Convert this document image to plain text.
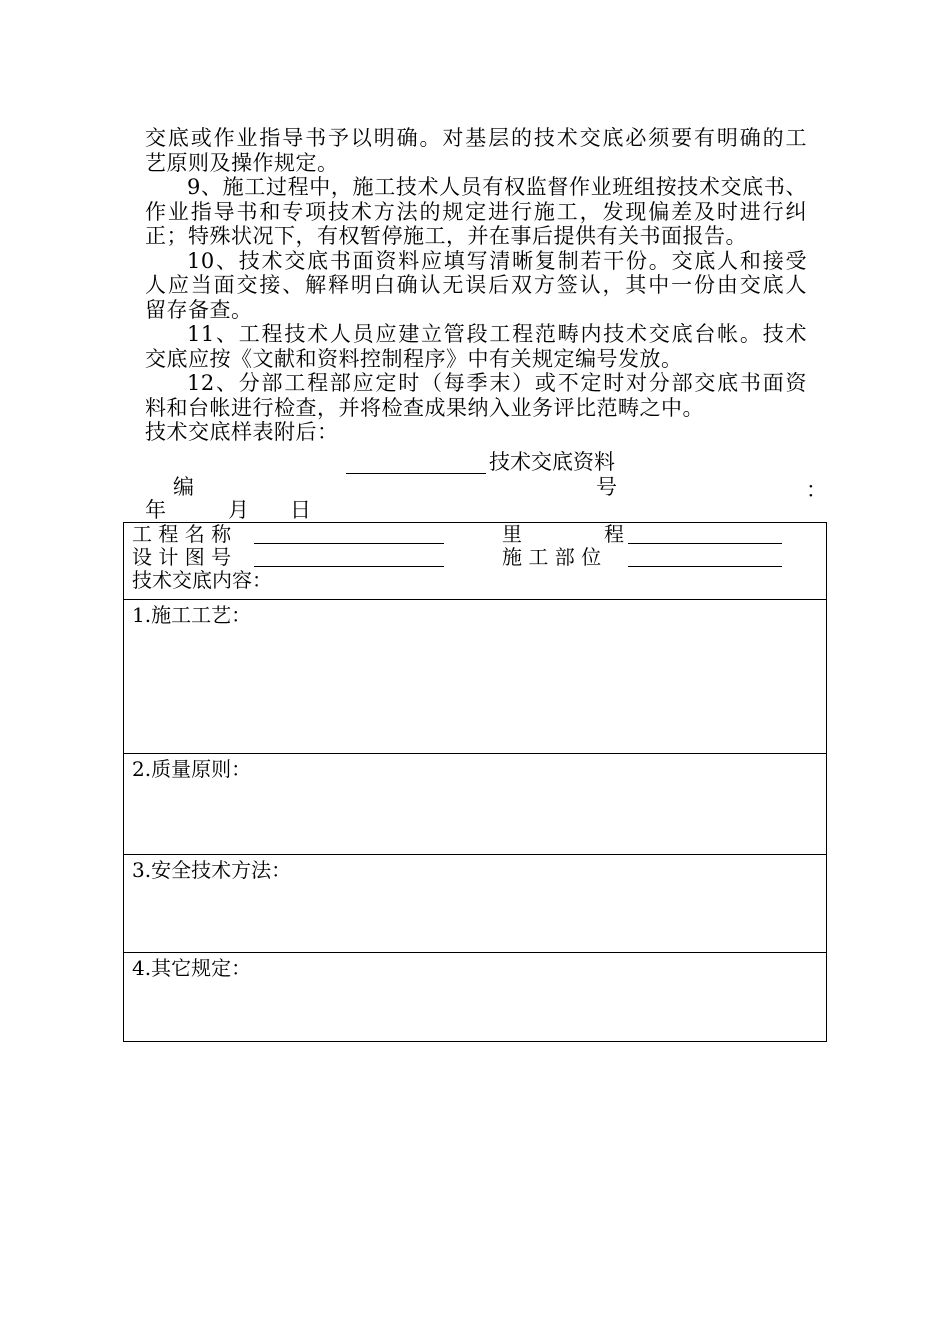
交底或作业指导书予以明确。对基层的技术交底必须要有明确的工
艺原则及操作规定。
9、施工过程中，施工技术人员有权监督作业班组按技术交底书、
作业指导书和专项技术方法的规定进行施工，发现偏差及时进行纠
正；特殊状况下，有权暂停施工，并在事后提供有关书面报告。
10、技术交底书面资料应填写清晰复制若干份。交底人和接受
人应当面交接、解释明白确认无误后双方签认，其中一份由交底人
留存备查。
11、工程技术人员应建立管段工程范畴内技术交底台帐。技术
交底应按《文献和资料控制程序》中有关规定编号发放。
12、分部工程部应定时（每季末）或不定时对分部交底书面资
料和台帐进行检查，并将检查成果纳入业务评比范畴之中。
技术交底样表附后：
技术交底资料
编	号	：
年	月 日
工 程 名 称	里	程
设 计 图 号	施 工 部 位
技术交底内容：

1.施工工艺：

2.质量原则：

3.安全技术方法：

4.其它规定：
